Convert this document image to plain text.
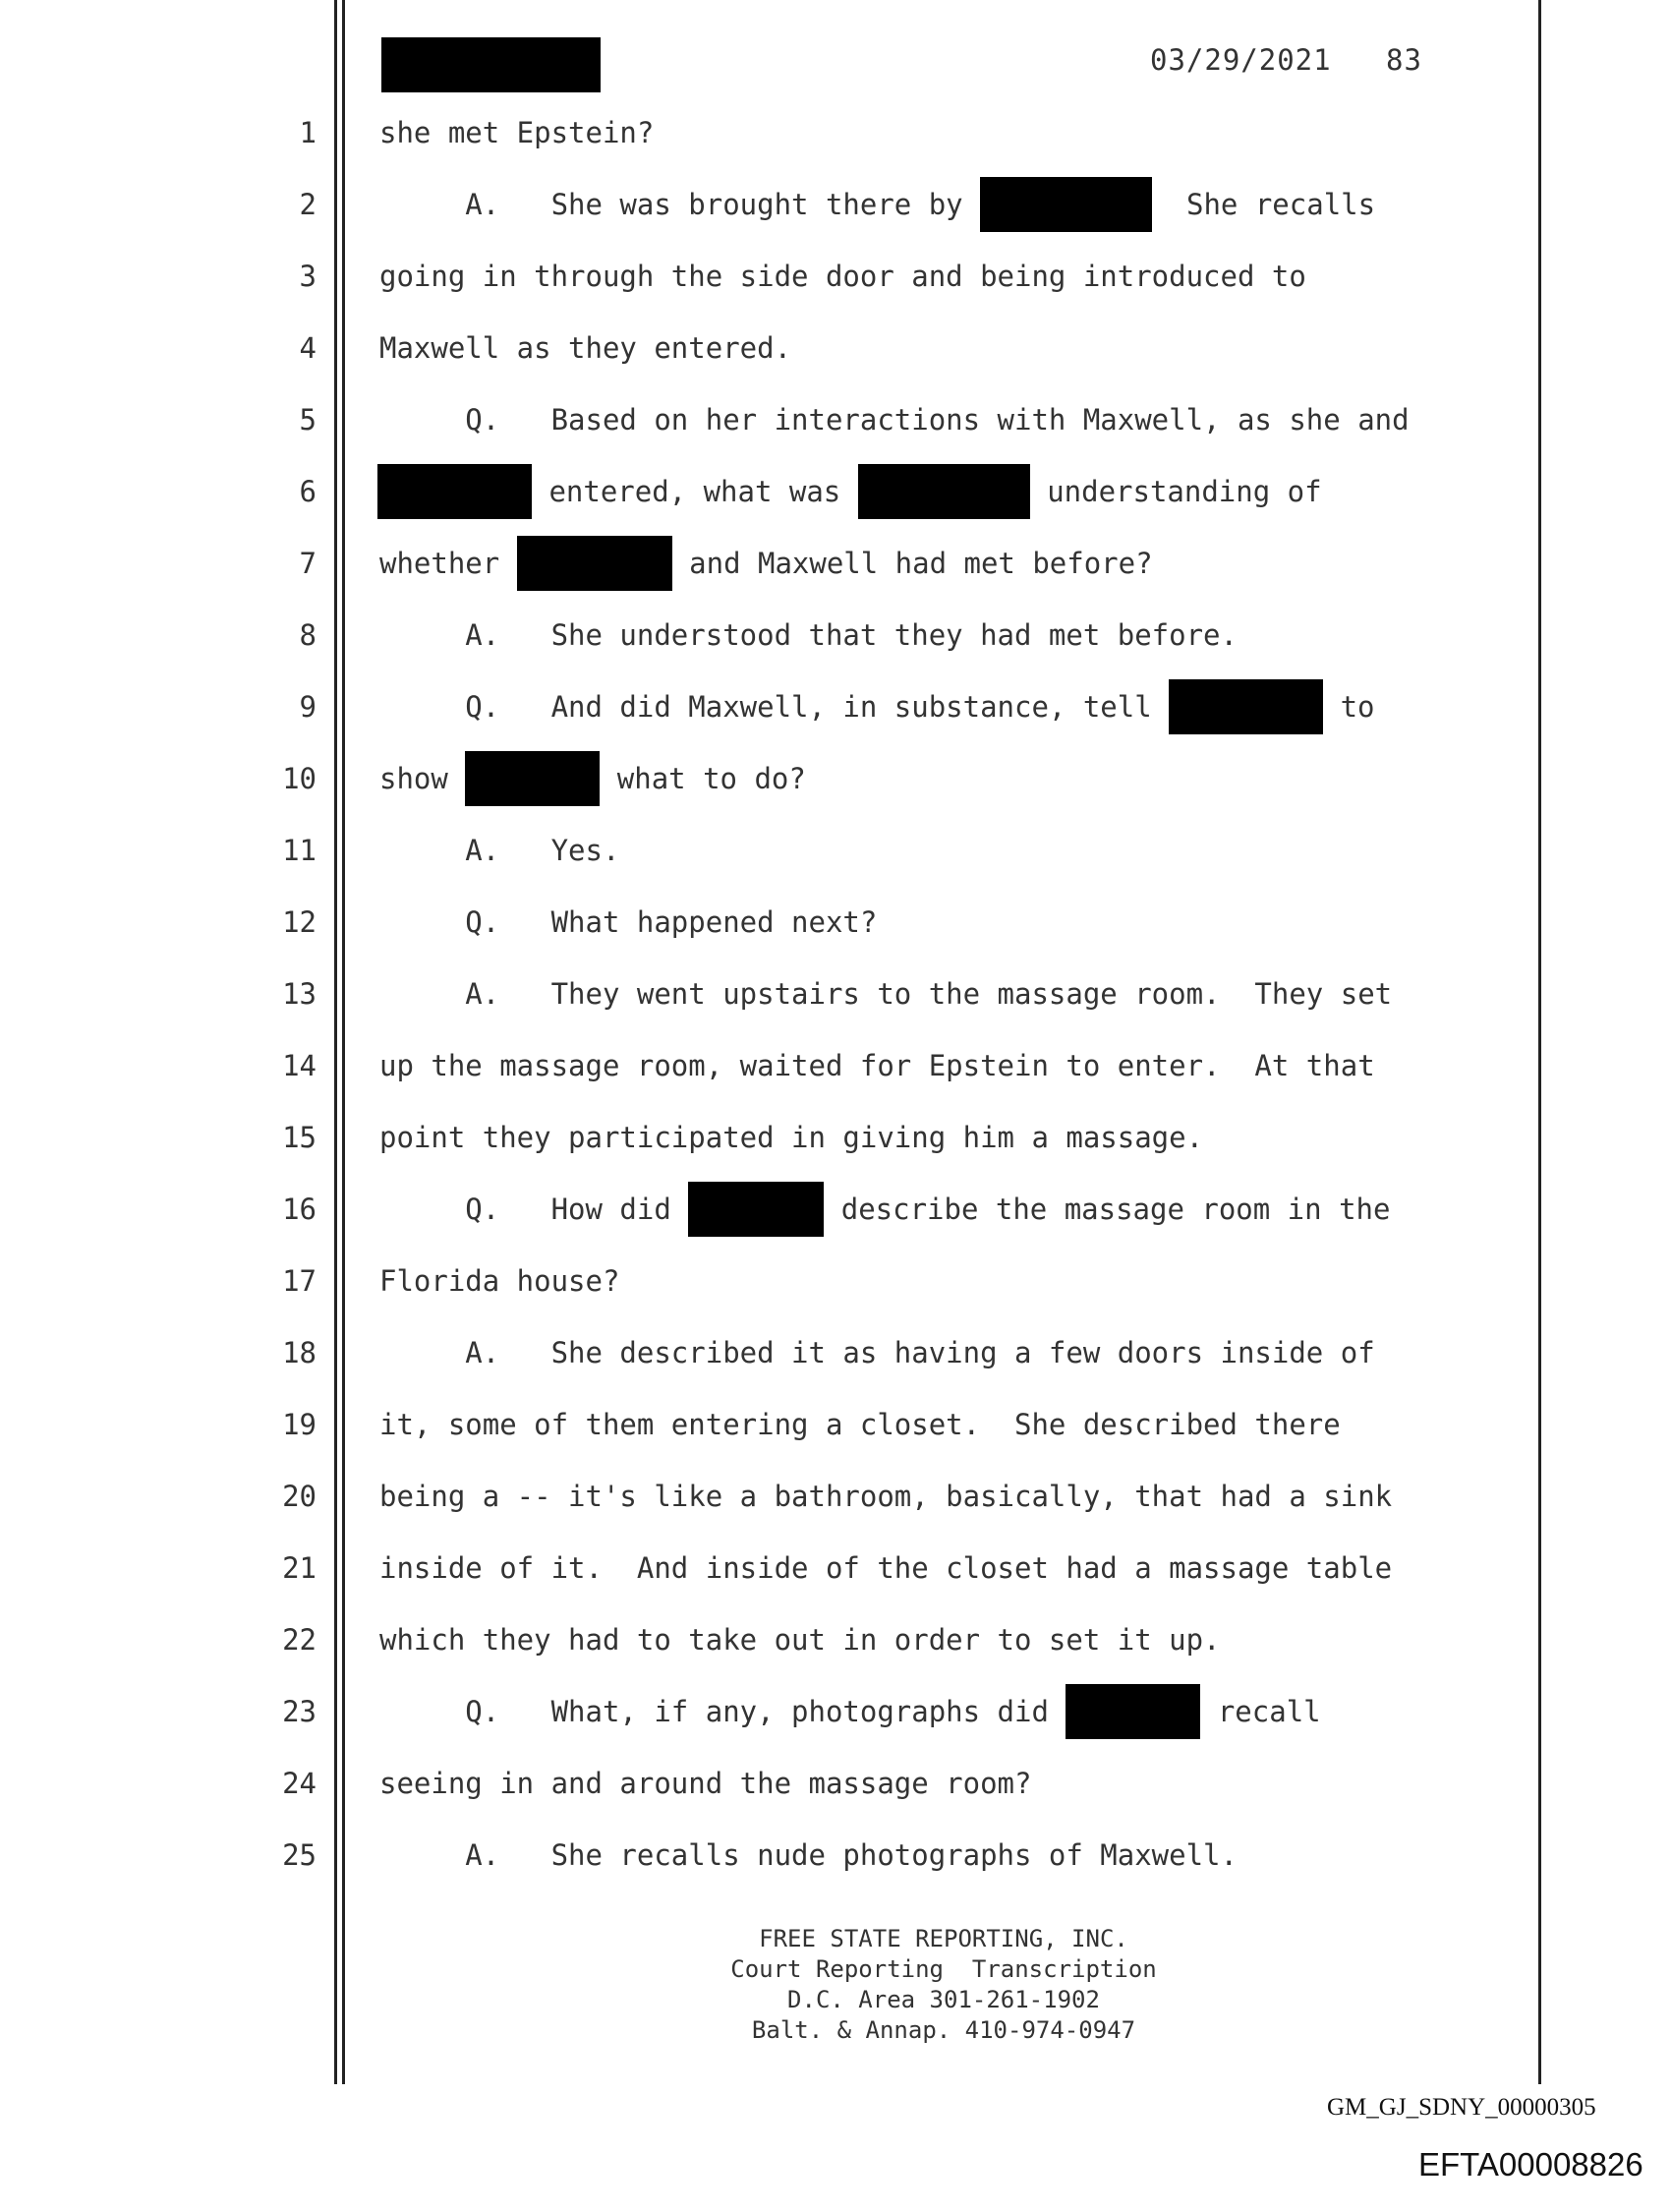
03/29/2021 83
1 she met Epstein?
2 A.   She was brought there by	She recalls
3 going in through the side door and being introduced to
4 Maxwell as they entered.
5 Q.   Based on her interactions with Maxwell, as she and
6	entered, what was	understanding of
7 whether	and Maxwell had met before?
8 A.   She understood that they had met before.
9 Q.   And did Maxwell, in substance, tell	to
10 show	what to do?
11 A.   Yes.
12 Q.   What happened next?
13 A.   They went upstairs to the massage room.  They set
14 up the massage room, waited for Epstein to enter.  At that
15 point they participated in giving him a massage.
16 Q.   How did	describe the massage room in the
17 Florida house?
18 A.   She described it as having a few doors inside of
19 it, some of them entering a closet.  She described there
20 being a -- it's like a bathroom, basically, that had a sink
21 inside of it.  And inside of the closet had a massage table
22 which they had to take out in order to set it up.
23 Q.   What, if any, photographs did	recall
24 seeing in and around the massage room?
25 A.   She recalls nude photographs of Maxwell.
FREE STATE REPORTING, INC.
Court Reporting  Transcription
D.C. Area 301-261-1902
Balt. & Annap. 410-974-0947
GM_GJ_SDNY_00000305
EFTA00008826
